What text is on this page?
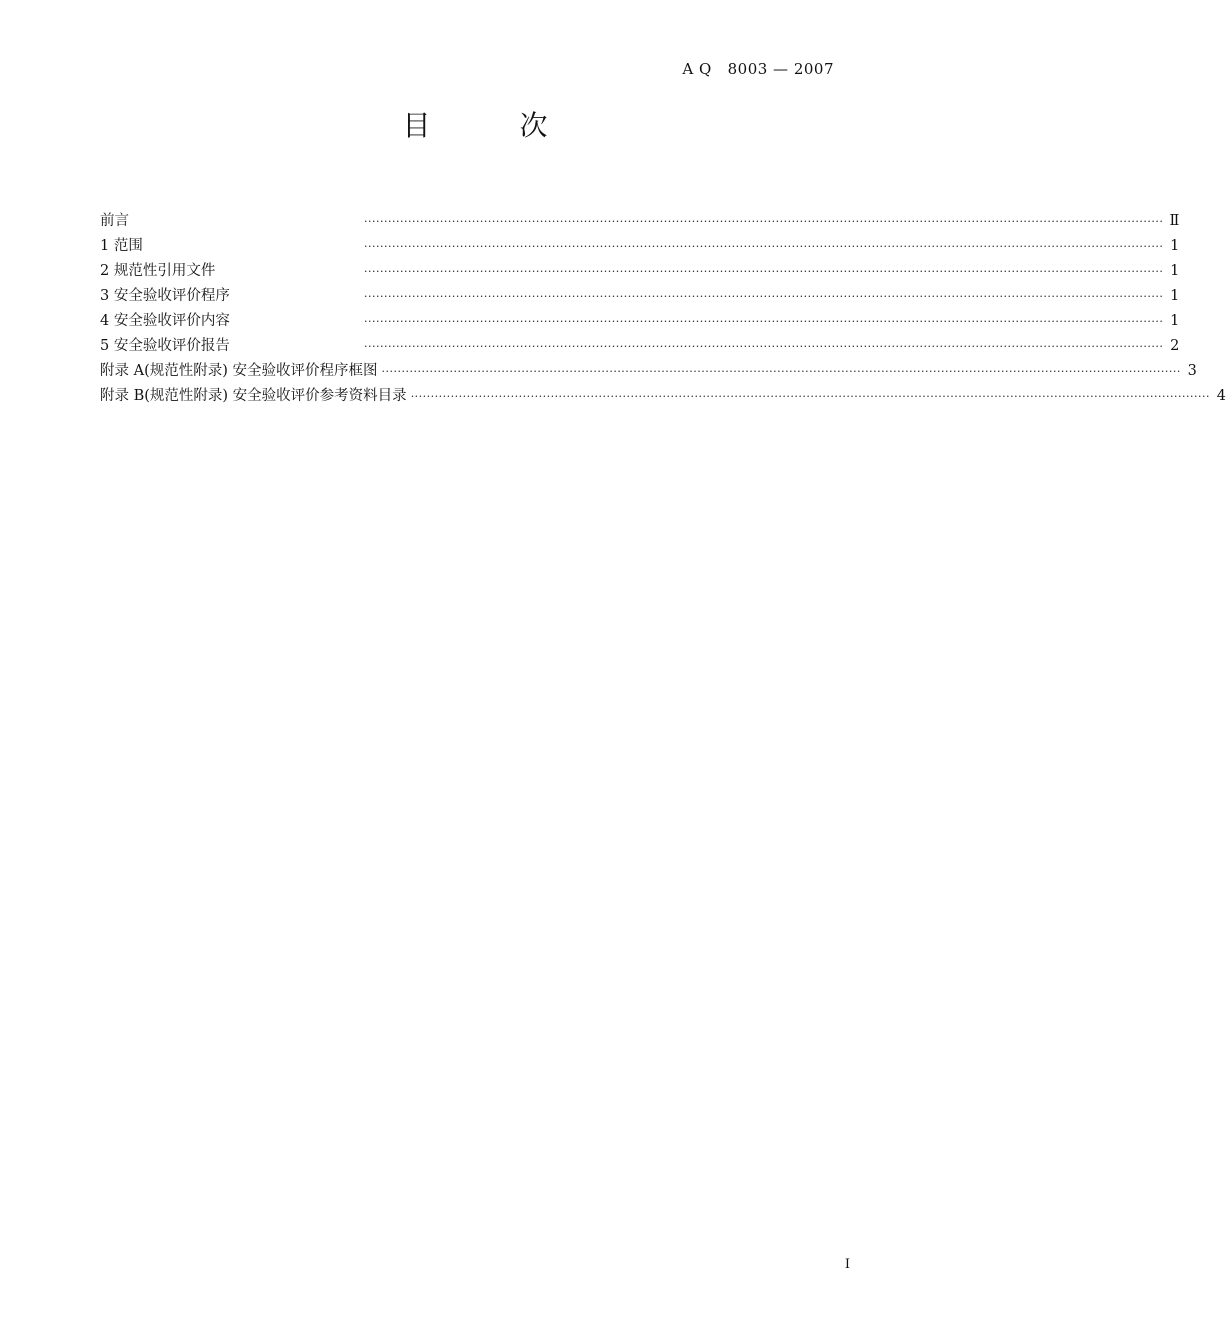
A Q   8003 — 2007
目 次
前言	········································································································································································································ Ⅱ
1 范围	········································································································································································································ 1
2 规范性引用文件	········································································································································································································ 1
3 安全验收评价程序	········································································································································································································ 1
4 安全验收评价内容	········································································································································································································ 1
5 安全验收评价报告	········································································································································································································ 2
附录 A(规范性附录) 安全验收评价程序框图 ········································································································································································································ 3
附录 B(规范性附录) 安全验收评价参考资料目录 ········································································································································································································ 4
I
